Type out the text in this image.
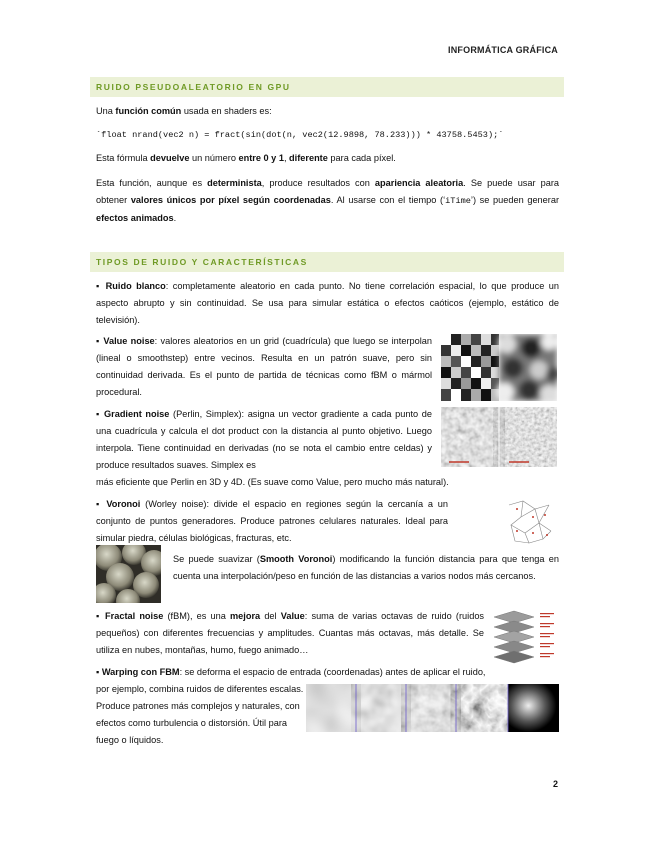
INFORMÁTICA GRÁFICA
RUIDO PSEUDOALEATORIO EN GPU
Una función común usada en shaders es:
`float nrand(vec2 n) = fract(sin(dot(n, vec2(12.9898, 78.233))) * 43758.5453);`
Esta fórmula devuelve un número entre 0 y 1, diferente para cada píxel.
Esta función, aunque es determinista, produce resultados con apariencia aleatoria. Se puede usar para obtener valores únicos por píxel según coordenadas. Al usarse con el tiempo (‘iTime’) se pueden generar efectos animados.
TIPOS DE RUIDO Y CARACTERÍSTICAS
▪ Ruido blanco: completamente aleatorio en cada punto. No tiene correlación espacial, lo que produce un aspecto abrupto y sin continuidad. Se usa para simular estática o efectos caóticos (ejemplo, estático de televisión).
▪ Value noise: valores aleatorios en un grid (cuadrícula) que luego se interpolan (lineal o smoothstep) entre vecinos. Resulta en un patrón suave, pero sin continuidad derivada. Es el punto de partida de técnicas como fBM o mármol procedural.
▪ Gradient noise (Perlin, Simplex): asigna un vector gradiente a cada punto de una cuadrícula y calcula el dot product con la distancia al punto objetivo. Luego interpola. Tiene continuidad en derivadas (no se nota el cambio entre celdas) y produce resultados suaves. Simplex es
más eficiente que Perlin en 3D y 4D. (Es suave como Value, pero mucho más natural).
▪ Voronoi (Worley noise): divide el espacio en regiones según la cercanía a un conjunto de puntos generadores. Produce patrones celulares naturales. Ideal para simular piedra, células biológicas, fracturas, etc.
Se puede suavizar (Smooth Voronoi) modificando la función distancia para que tenga en cuenta una interpolación/peso en función de las distancias a varios nodos más cercanos.
▪ Fractal noise (fBM), es una mejora del Value: suma de varias octavas de ruido (ruidos pequeños) con diferentes frecuencias y amplitudes. Cuantas más octavas, más detalle. Se utiliza en nubes, montañas, humo, fuego animado…
▪ Warping con FBM: se deforma el espacio de entrada (coordenadas) antes de aplicar el ruido,
por ejemplo, combina ruidos de diferentes escalas. Produce patrones más complejos y naturales, con efectos como turbulencia o distorsión. Útil para fuego o líquidos.
2
